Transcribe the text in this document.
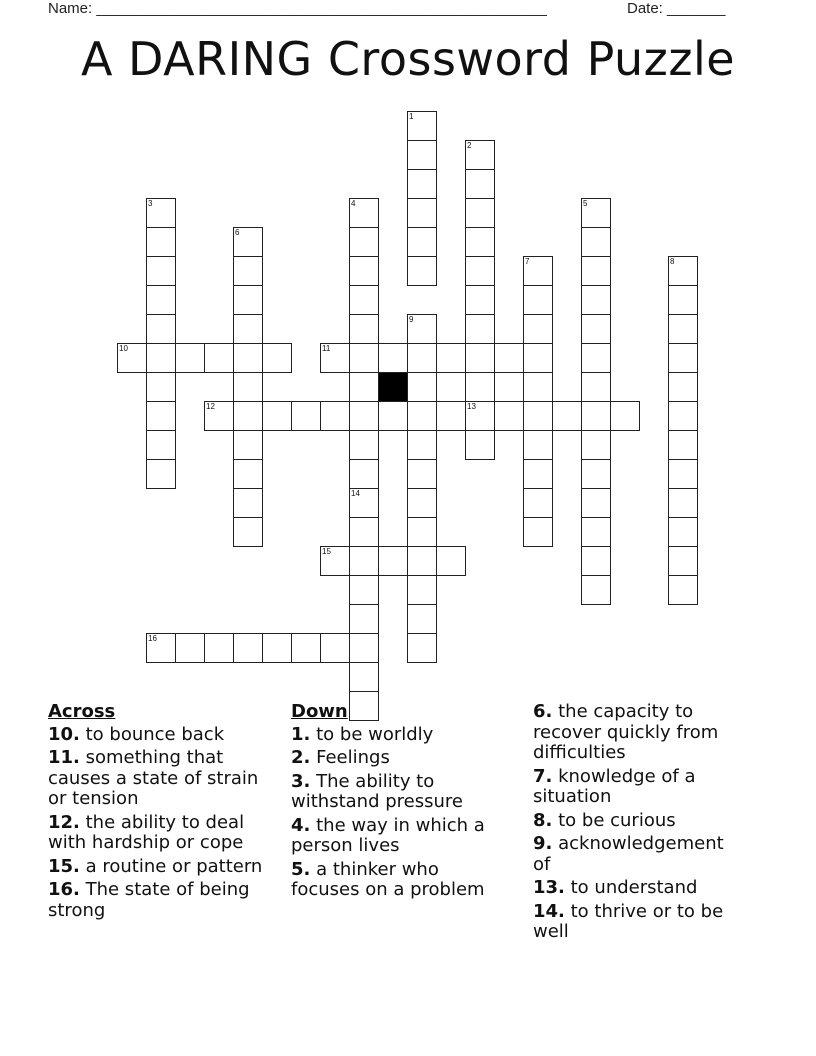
Name: ______________________________________________________	Date: _______
A DARING Crossword Puzzle
1
2
3	4	5
6
7	8
9
10	11
12	13
14
15
16
Across
10. to bounce back
11. something that causes a state of strain or tension
12. the ability to deal with hardship or cope
15. a routine or pattern
16. The state of being strong
Down
1. to be worldly
2. Feelings
3. The ability to withstand pressure
4. the way in which a person lives
5. a thinker who focuses on a problem
6. the capacity to recover quickly from difficulties
7. knowledge of a situation
8. to be curious
9. acknowledgement of
13. to understand
14. to thrive or to be well
